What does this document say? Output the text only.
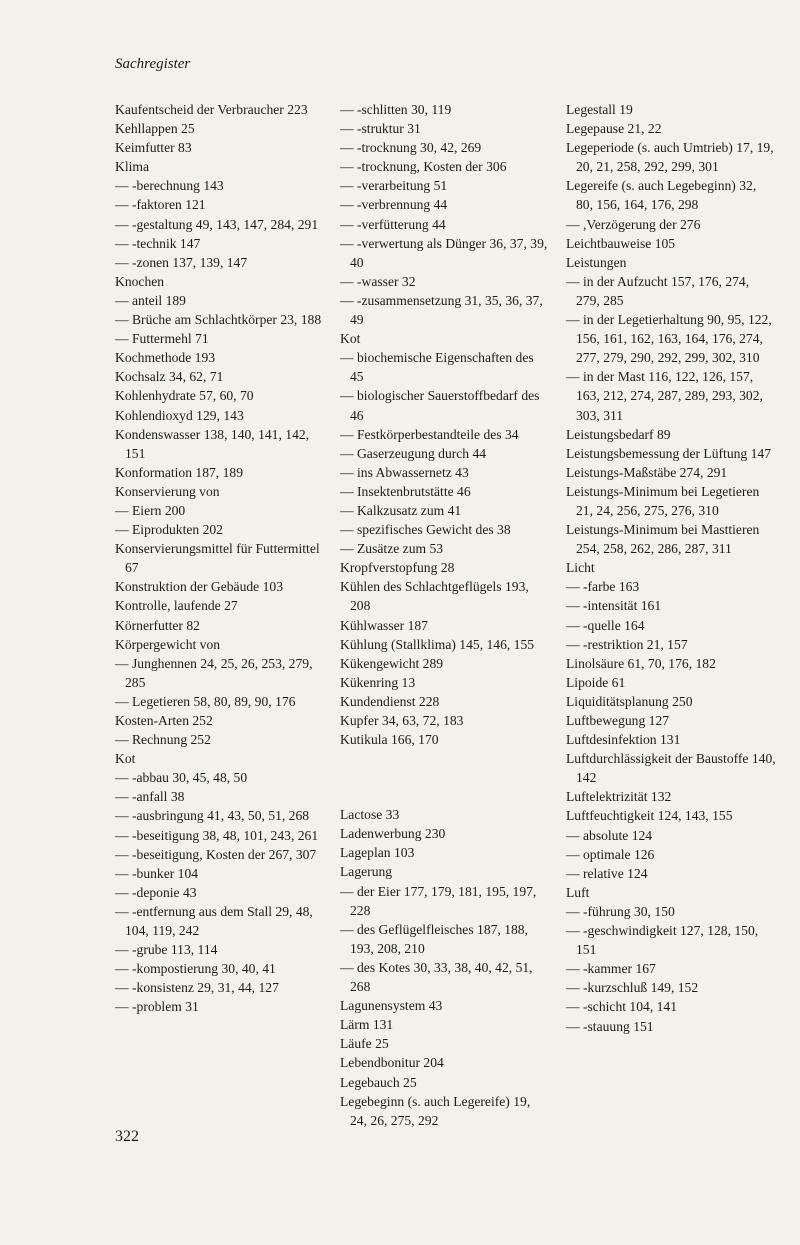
Sachregister
Kaufentscheid der Verbraucher 223
Kehllappen 25
Keimfutter 83
Klima
— -berechnung 143
— -faktoren 121
— -gestaltung 49, 143, 147, 284, 291
— -technik 147
— -zonen 137, 139, 147
Knochen
— anteil 189
— Brüche am Schlachtkörper 23, 188
— Futtermehl 71
Kochmethode 193
Kochsalz 34, 62, 71
Kohlenhydrate 57, 60, 70
Kohlendioxyd 129, 143
Kondenswasser 138, 140, 141, 142, 151
Konformation 187, 189
Konservierung von
— Eiern 200
— Eiprodukten 202
Konservierungsmittel für Futtermittel 67
Konstruktion der Gebäude 103
Kontrolle, laufende 27
Körnerfutter 82
Körpergewicht von
— Junghennen 24, 25, 26, 253, 279, 285
— Legetieren 58, 80, 89, 90, 176
Kosten-Arten 252
— Rechnung 252
Kot
— -abbau 30, 45, 48, 50
— -anfall 38
— -ausbringung 41, 43, 50, 51, 268
— -beseitigung 38, 48, 101, 243, 261
— -beseitigung, Kosten der 267, 307
— -bunker 104
— -deponie 43
— -entfernung aus dem Stall 29, 48, 104, 119, 242
— -grube 113, 114
— -kompostierung 30, 40, 41
— -konsistenz 29, 31, 44, 127
— -problem 31
— -schlitten 30, 119
— -struktur 31
— -trocknung 30, 42, 269
— -trocknung, Kosten der 306
— -verarbeitung 51
— -verbrennung 44
— -verfütterung 44
— -verwertung als Dünger 36, 37, 39, 40
— -wasser 32
— -zusammensetzung 31, 35, 36, 37, 49
Kot
— biochemische Eigenschaften des 45
— biologischer Sauerstoffbedarf des 46
— Festkörperbestandteile des 34
— Gaserzeugung durch 44
— ins Abwassernetz 43
— Insektenbrutstätte 46
— Kalkzusatz zum 41
— spezifisches Gewicht des 38
— Zusätze zum 53
Kropfverstopfung 28
Kühlen des Schlachtgeflügels 193, 208
Kühlwasser 187
Kühlung (Stallklima) 145, 146, 155
Kükengewicht 289
Kükenring 13
Kundendienst 228
Kupfer 34, 63, 72, 183
Kutikula 166, 170
Lactose 33
Ladenwerbung 230
Lageplan 103
Lagerung
— der Eier 177, 179, 181, 195, 197, 228
— des Geflügelfleisches 187, 188, 193, 208, 210
— des Kotes 30, 33, 38, 40, 42, 51, 268
Lagunensystem 43
Lärm 131
Läufe 25
Lebendbonitur 204
Legebauch 25
Legebeginn (s. auch Legereife) 19, 24, 26, 275, 292
Legestall 19
Legepause 21, 22
Legeperiode (s. auch Umtrieb) 17, 19, 20, 21, 258, 292, 299, 301
Legereife (s. auch Legebeginn) 32, 80, 156, 164, 176, 298
— ,Verzögerung der 276
Leichtbauweise 105
Leistungen
— in der Aufzucht 157, 176, 274, 279, 285
— in der Legetierhaltung 90, 95, 122, 156, 161, 162, 163, 164, 176, 274, 277, 279, 290, 292, 299, 302, 310
— in der Mast 116, 122, 126, 157, 163, 212, 274, 287, 289, 293, 302, 303, 311
Leistungsbedarf 89
Leistungsbemessung der Lüftung 147
Leistungs-Maßstäbe 274, 291
Leistungs-Minimum bei Legetieren 21, 24, 256, 275, 276, 310
Leistungs-Minimum bei Masttieren 254, 258, 262, 286, 287, 311
Licht
— -farbe 163
— -intensität 161
— -quelle 164
— -restriktion 21, 157
Linolsäure 61, 70, 176, 182
Lipoide 61
Liquiditätsplanung 250
Luftbewegung 127
Luftdesinfektion 131
Luftdurchlässigkeit der Baustoffe 140, 142
Luftelektrizität 132
Luftfeuchtigkeit 124, 143, 155
— absolute 124
— optimale 126
— relative 124
Luft
— -führung 30, 150
— -geschwindigkeit 127, 128, 150, 151
— -kammer 167
— -kurzschluß 149, 152
— -schicht 104, 141
— -stauung 151
322
